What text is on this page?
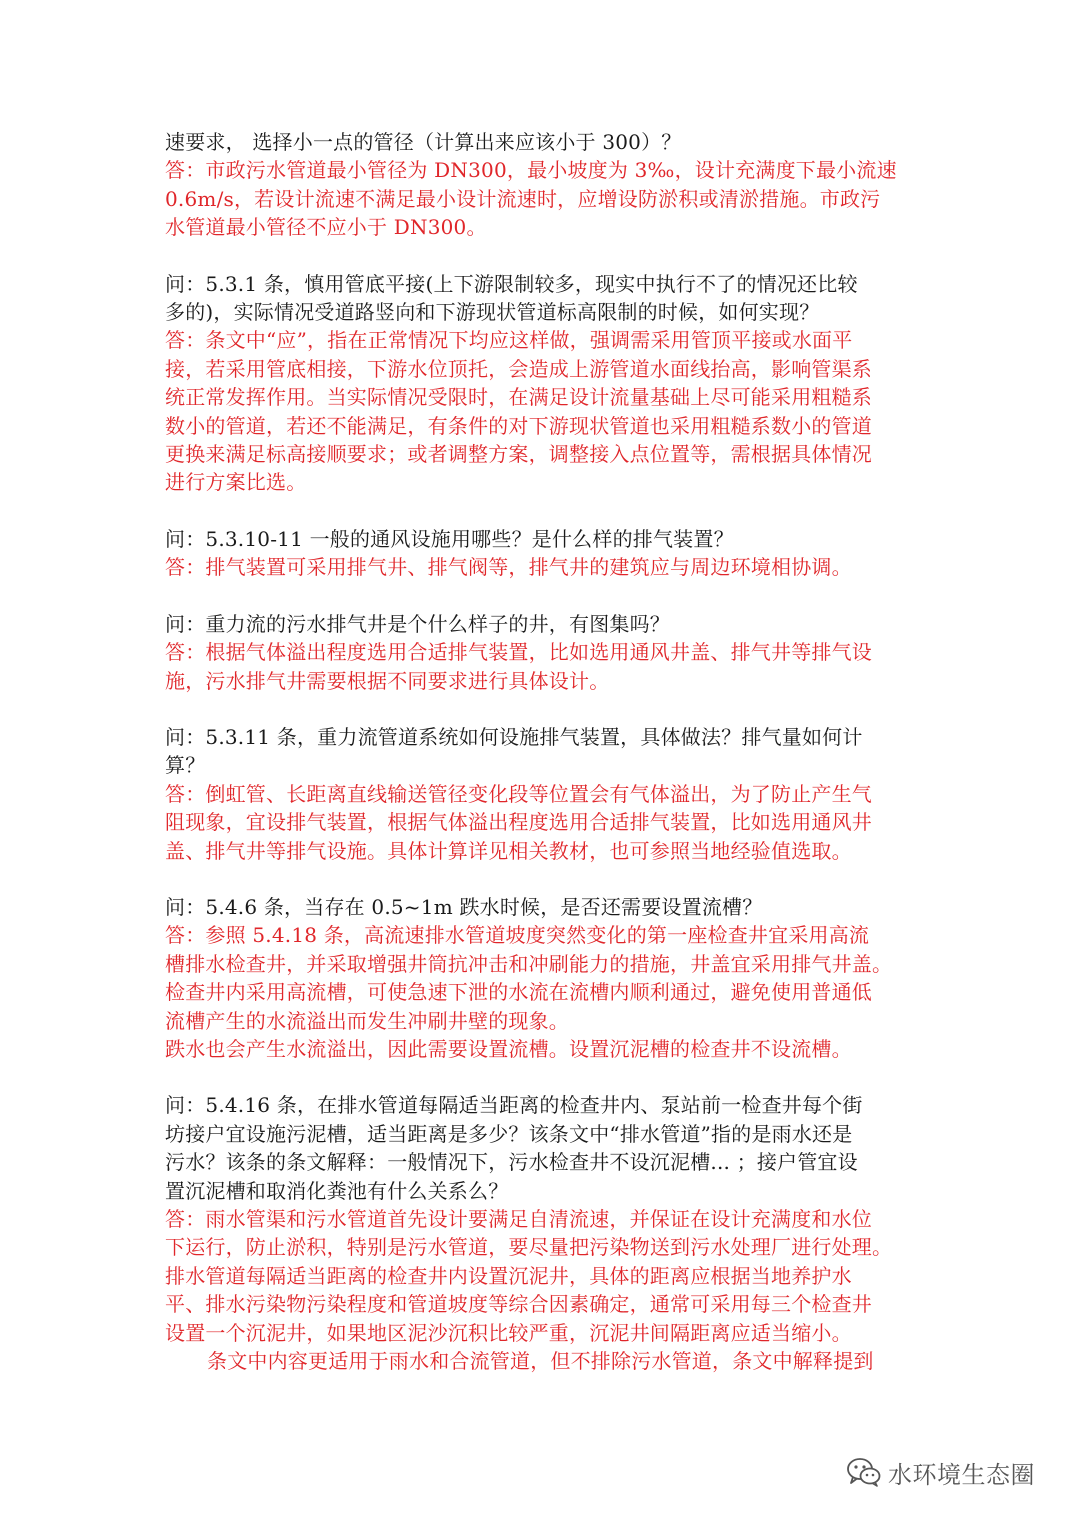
速要求， 选择小一点的管径（计算出来应该小于 300）？
答：市政污水管道最小管径为 DN300，最小坡度为 3‰，设计充满度下最小流速
0.6m/s，若设计流速不满足最小设计流速时，应增设防淤积或清淤措施。市政污
水管道最小管径不应小于 DN300。
问：5.3.1 条，慎用管底平接(上下游限制较多，现实中执行不了的情况还比较
多的)，实际情况受道路竖向和下游现状管道标高限制的时候，如何实现？
答：条文中“应”，指在正常情况下均应这样做，强调需采用管顶平接或水面平
接，若采用管底相接，下游水位顶托，会造成上游管道水面线抬高，影响管渠系
统正常发挥作用。当实际情况受限时，在满足设计流量基础上尽可能采用粗糙系
数小的管道，若还不能满足，有条件的对下游现状管道也采用粗糙系数小的管道
更换来满足标高接顺要求；或者调整方案，调整接入点位置等，需根据具体情况
进行方案比选。
问：5.3.10-11 一般的通风设施用哪些？是什么样的排气装置？
答：排气装置可采用排气井、排气阀等，排气井的建筑应与周边环境相协调。
问：重力流的污水排气井是个什么样子的井，有图集吗？
答：根据气体溢出程度选用合适排气装置，比如选用通风井盖、排气井等排气设
施，污水排气井需要根据不同要求进行具体设计。
问：5.3.11 条，重力流管道系统如何设施排气装置，具体做法？排气量如何计
算？
答：倒虹管、长距离直线输送管径变化段等位置会有气体溢出，为了防止产生气
阻现象，宜设排气装置，根据气体溢出程度选用合适排气装置，比如选用通风井
盖、排气井等排气设施。具体计算详见相关教材，也可参照当地经验值选取。
问：5.4.6 条，当存在 0.5~1m 跌水时候，是否还需要设置流槽？
答：参照 5.4.18 条，高流速排水管道坡度突然变化的第一座检查井宜采用高流
槽排水检查井，并采取增强井筒抗冲击和冲刷能力的措施，井盖宜采用排气井盖。
检查井内采用高流槽，可使急速下泄的水流在流槽内顺利通过，避免使用普通低
流槽产生的水流溢出而发生冲刷井壁的现象。
跌水也会产生水流溢出，因此需要设置流槽。设置沉泥槽的检查井不设流槽。
问：5.4.16 条，在排水管道每隔适当距离的检查井内、泵站前一检查井每个街
坊接户宜设施污泥槽，适当距离是多少？该条文中“排水管道”指的是雨水还是
污水？该条的条文解释：一般情况下，污水检查井不设沉泥槽... ；接户管宜设
置沉泥槽和取消化粪池有什么关系么？
答：雨水管渠和污水管道首先设计要满足自清流速，并保证在设计充满度和水位
下运行，防止淤积，特别是污水管道，要尽量把污染物送到污水处理厂进行处理。
排水管道每隔适当距离的检查井内设置沉泥井，具体的距离应根据当地养护水
平、排水污染物污染程度和管道坡度等综合因素确定，通常可采用每三个检查井
设置一个沉泥井，如果地区泥沙沉积比较严重，沉泥井间隔距离应适当缩小。
条文中内容更适用于雨水和合流管道，但不排除污水管道，条文中解释提到
水环境生态圈
